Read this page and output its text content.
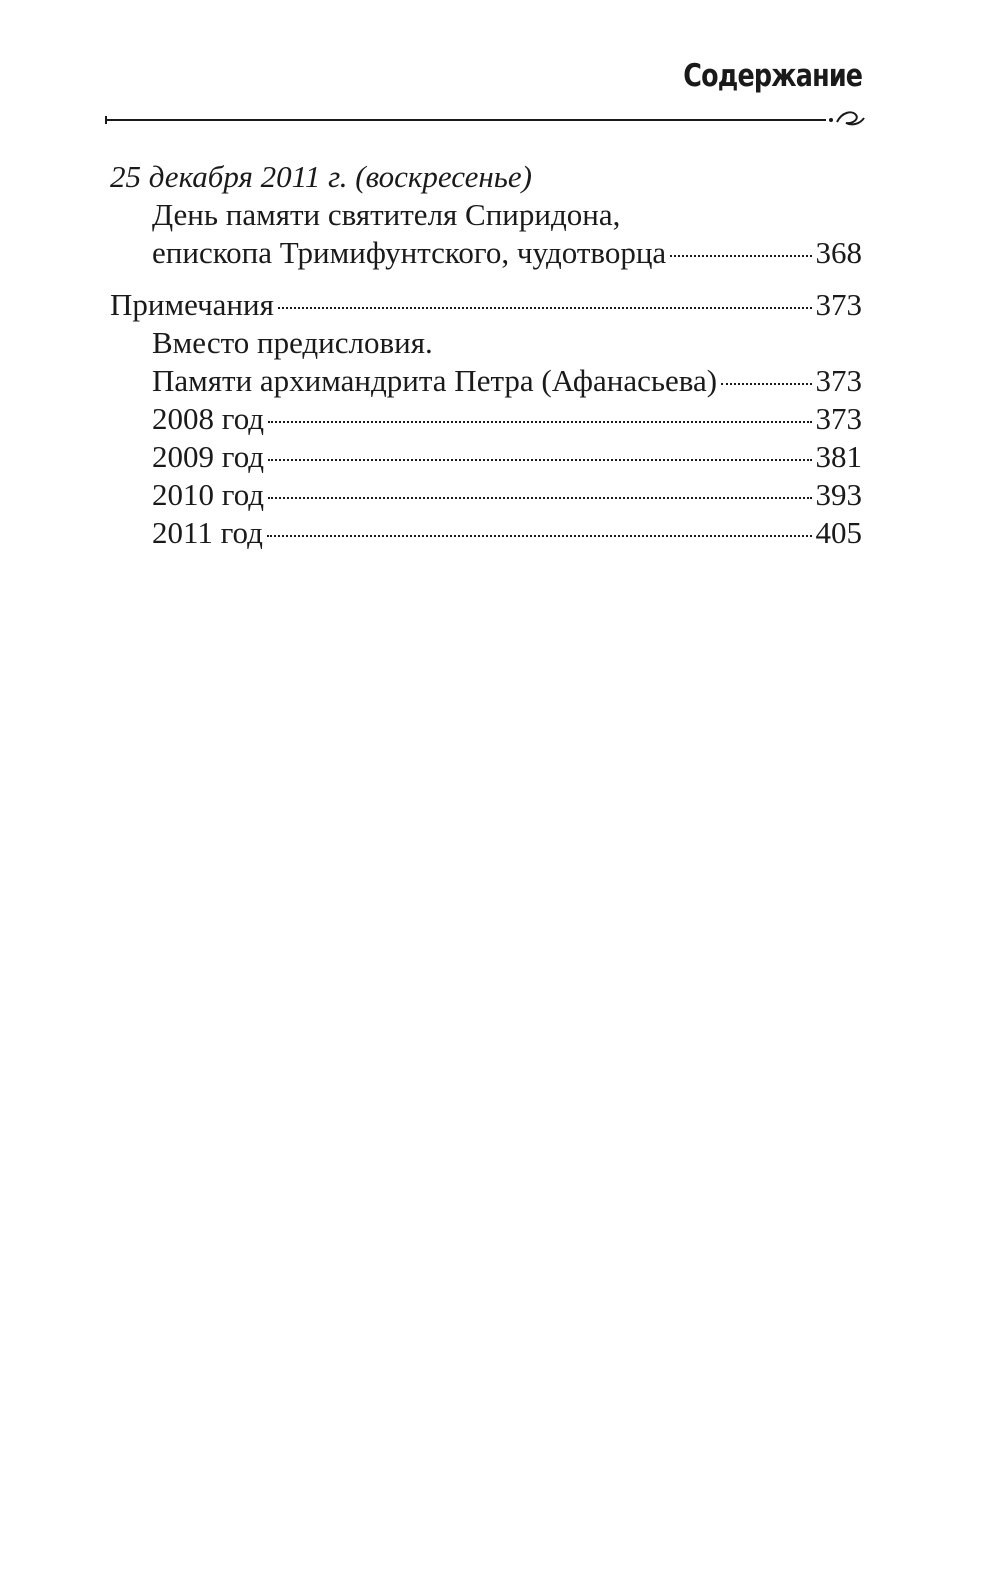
Содержание
25 декабря 2011 г. (воскресенье)
День памяти святителя Спиридона,
епископа Тримифунтского, чудотворца	368
Примечания	373
Вместо предисловия.
Памяти архимандрита Петра (Афанасьева)	373
2008 год	373
2009 год	381
2010 год	393
2011 год	405
